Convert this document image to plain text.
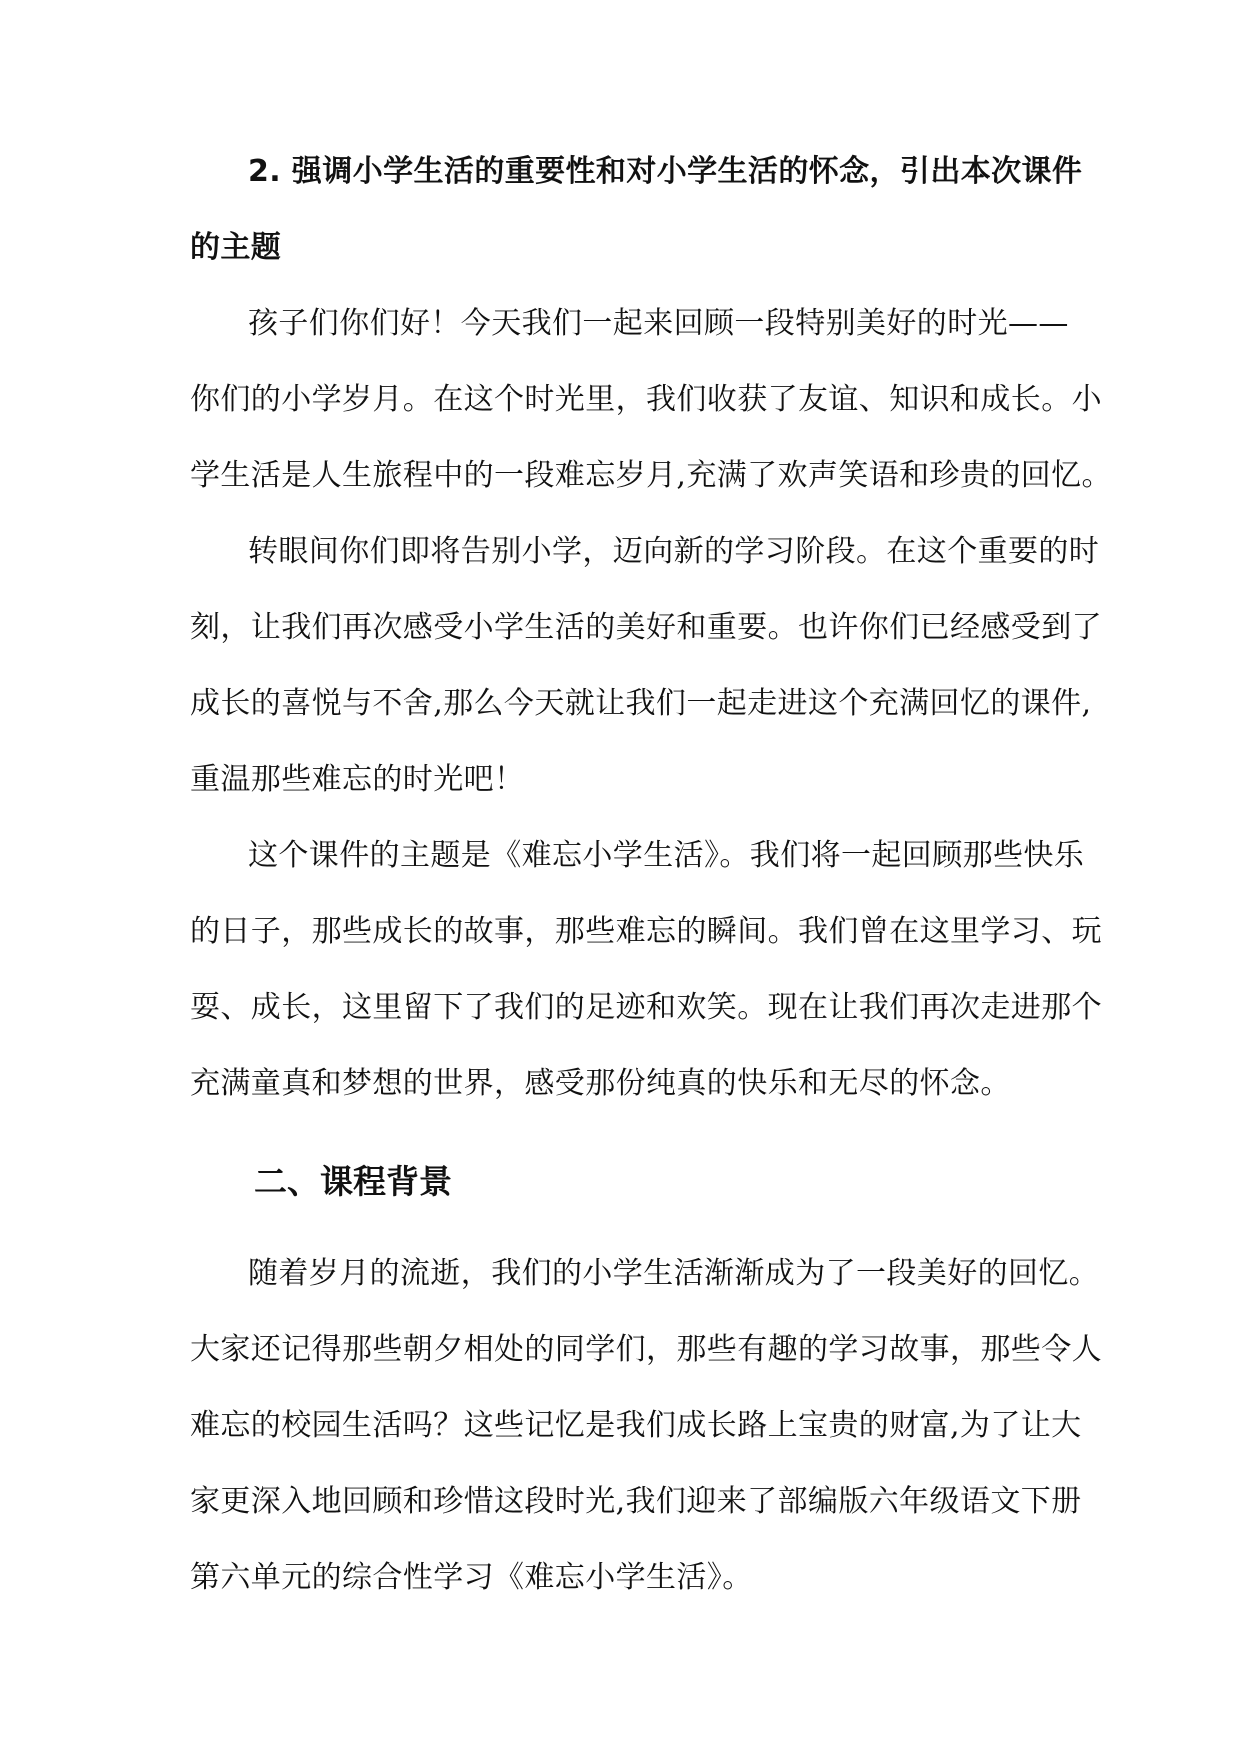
2. 强调小学生活的重要性和对小学生活的怀念，引出本次课件
的主题
孩子们你们好！今天我们一起来回顾一段特别美好的时光——
你们的小学岁月。在这个时光里，我们收获了友谊、知识和成长。小
学生活是人生旅程中的一段难忘岁月,充满了欢声笑语和珍贵的回忆。
转眼间你们即将告别小学，迈向新的学习阶段。在这个重要的时
刻，让我们再次感受小学生活的美好和重要。也许你们已经感受到了
成长的喜悦与不舍,那么今天就让我们一起走进这个充满回忆的课件,
重温那些难忘的时光吧！
这个课件的主题是《难忘小学生活》。我们将一起回顾那些快乐
的日子，那些成长的故事，那些难忘的瞬间。我们曾在这里学习、玩
耍、成长，这里留下了我们的足迹和欢笑。现在让我们再次走进那个
充满童真和梦想的世界，感受那份纯真的快乐和无尽的怀念。
二、课程背景
随着岁月的流逝，我们的小学生活渐渐成为了一段美好的回忆。
大家还记得那些朝夕相处的同学们，那些有趣的学习故事，那些令人
难忘的校园生活吗？这些记忆是我们成长路上宝贵的财富,为了让大
家更深入地回顾和珍惜这段时光,我们迎来了部编版六年级语文下册
第六单元的综合性学习《难忘小学生活》。
